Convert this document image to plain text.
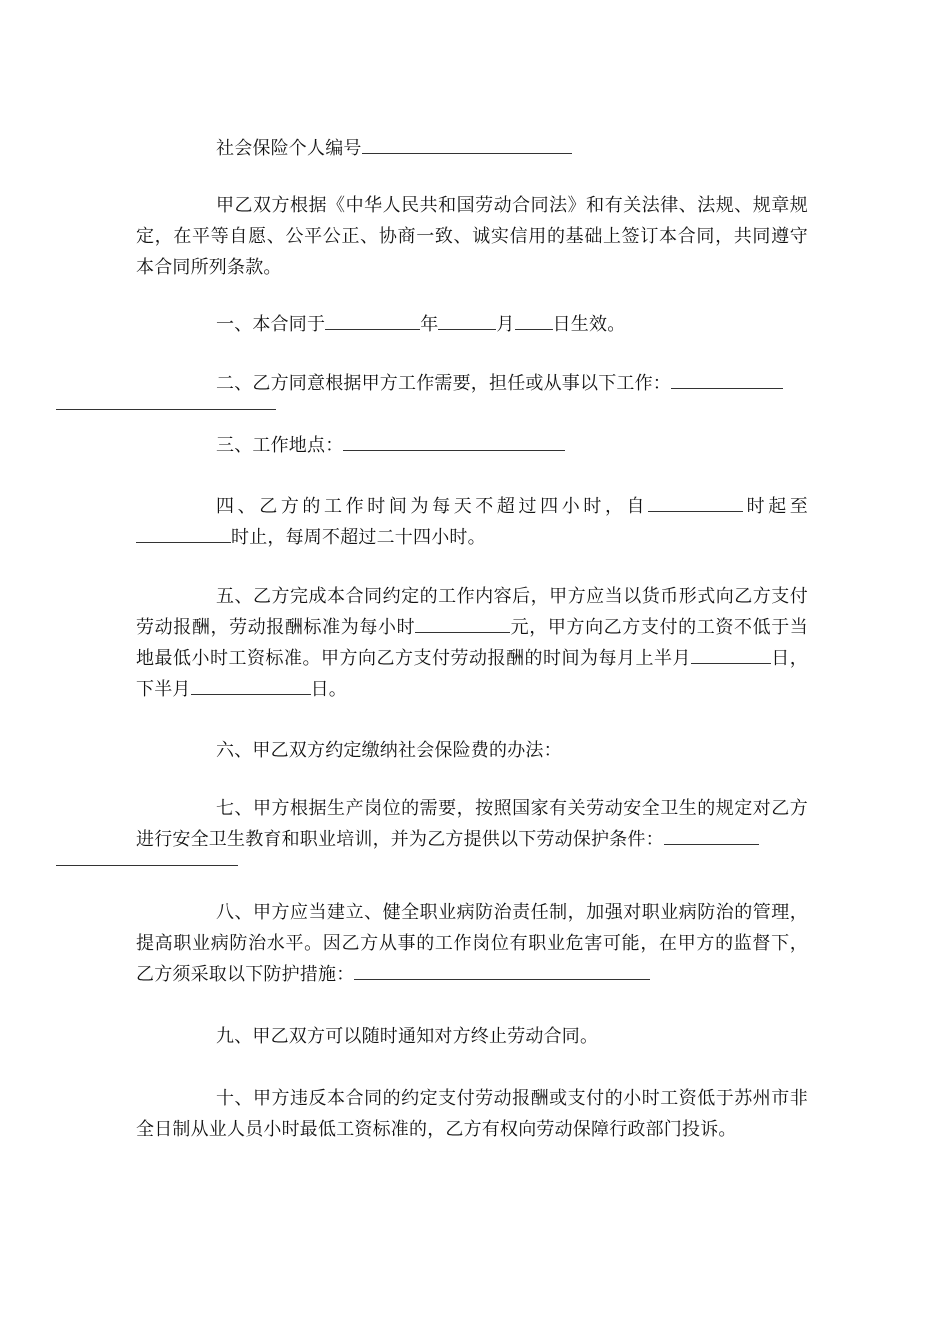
社会保险个人编号

甲乙双方根据《中华人民共和国劳动合同法》和有关法律、法规、规章规定，在平等自愿、公平公正、协商一致、诚实信用的基础上签订本合同，共同遵守本合同所列条款。

一、本合同于	年	月 日生效。

二、乙方同意根据甲方工作需要，担任或从事以下工作：

三、工作地点：

四、乙方的工作时间为每天不超过四小时，自	时起至时止，每周不超过二十四小时。

五、乙方完成本合同约定的工作内容后，甲方应当以货币形式向乙方支付劳动报酬，劳动报酬标准为每小时	元，甲方向乙方支付的工资不低于当地最低小时工资标准。甲方向乙方支付劳动报酬的时间为每月上半月	日，下半月	日。

六、甲乙双方约定缴纳社会保险费的办法：

七、甲方根据生产岗位的需要，按照国家有关劳动安全卫生的规定对乙方进行安全卫生教育和职业培训，并为乙方提供以下劳动保护条件：

八、甲方应当建立、健全职业病防治责任制，加强对职业病防治的管理，提高职业病防治水平。因乙方从事的工作岗位有职业危害可能，在甲方的监督下，乙方须采取以下防护措施：

九、甲乙双方可以随时通知对方终止劳动合同。

十、甲方违反本合同的约定支付劳动报酬或支付的小时工资低于苏州市非全日制从业人员小时最低工资标准的，乙方有权向劳动保障行政部门投诉。
